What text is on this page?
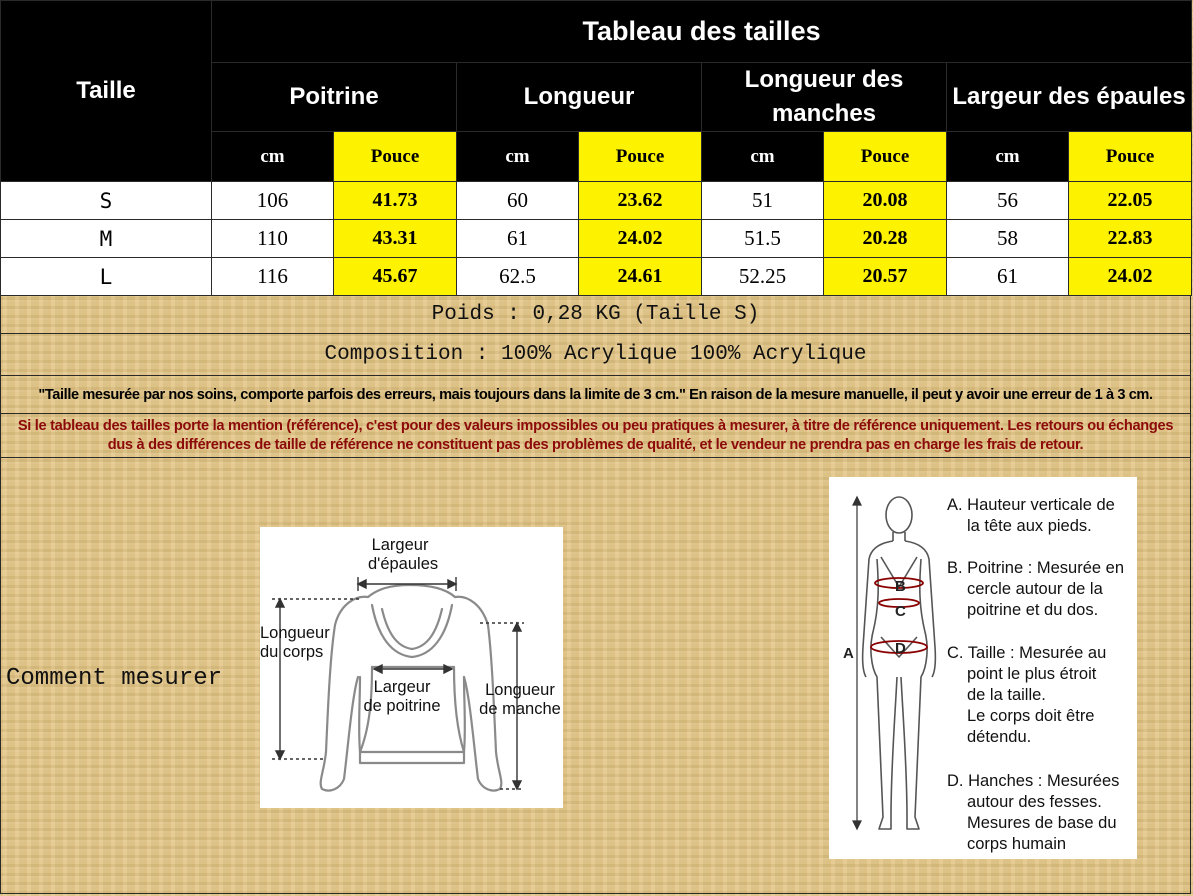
Taille	Tableau des tailles							
	Poitrine		Longueur		Longueur des manches		Largeur des épaules	
	cm	Pouce	cm	Pouce	cm	Pouce	cm	Pouce
S	106	41.73	60	23.62	51	20.08	56	22.05
M	110	43.31	61	24.02	51.5	20.28	58	22.83
L	116	45.67	62.5	24.61	52.25	20.57	61	24.02
Poids : 0,28 KG (Taille S)
Composition : 100% Acrylique 100% Acrylique
"Taille mesurée par nos soins, comporte parfois des erreurs, mais toujours dans la limite de 3 cm." En raison de la mesure manuelle, il peut y avoir une erreur de 1 à 3 cm.
Si le tableau des tailles porte la mention (référence), c'est pour des valeurs impossibles ou peu pratiques à mesurer, à titre de référence uniquement. Les retours ou échanges dus à des différences de taille de référence ne constituent pas des problèmes de qualité, et le vendeur ne prendra pas en charge les frais de retour.
Comment mesurer
Largeur
d'épaules
Longueur
du corps
Largeur
de poitrine
Longueur
de manche
A
B
C
D
A. Hauteur verticale de
la tête aux pieds.
B. Poitrine : Mesurée en
cercle autour de la
poitrine et du dos.
C. Taille : Mesurée au
point le plus étroit
de la taille.
Le corps doit être
détendu.
D. Hanches : Mesurées
autour des fesses.
Mesures de base du
corps humain
